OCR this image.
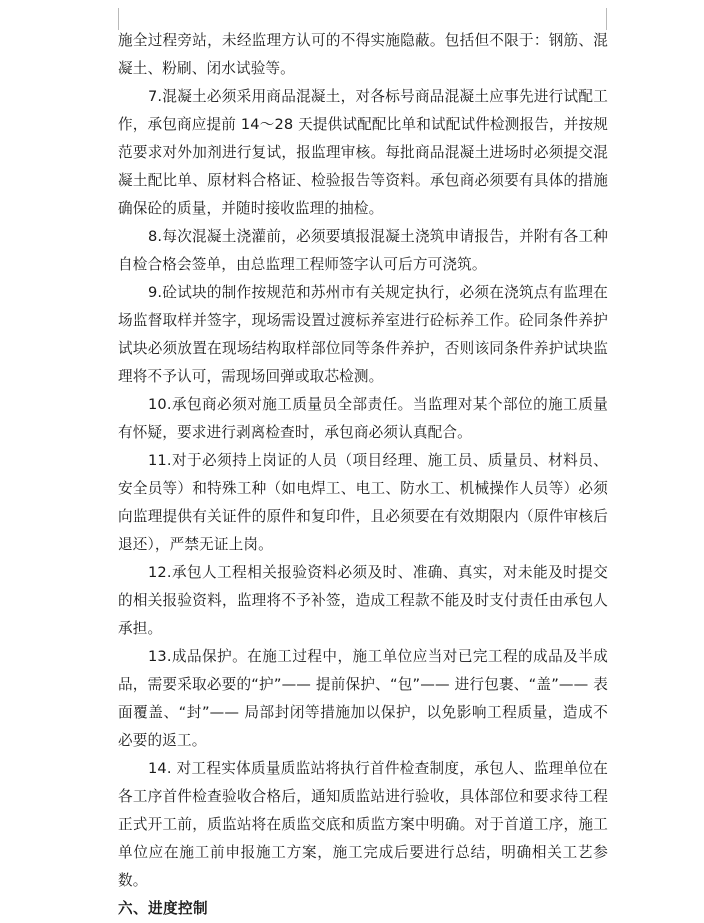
施全过程旁站，未经监理方认可的不得实施隐蔽。包括但不限于：钢筋、混凝土、粉刷、闭水试验等。

7.混凝土必须采用商品混凝土，对各标号商品混凝土应事先进行试配工作，承包商应提前 14～28 天提供试配配比单和试配试件检测报告，并按规范要求对外加剂进行复试，报监理审核。每批商品混凝土进场时必须提交混凝土配比单、原材料合格证、检验报告等资料。承包商必须要有具体的措施确保砼的质量，并随时接收监理的抽检。

8.每次混凝土浇灌前，必须要填报混凝土浇筑申请报告，并附有各工种自检合格会签单，由总监理工程师签字认可后方可浇筑。

9.砼试块的制作按规范和苏州市有关规定执行，必须在浇筑点有监理在场监督取样并签字，现场需设置过渡标养室进行砼标养工作。砼同条件养护试块必须放置在现场结构取样部位同等条件养护，否则该同条件养护试块监理将不予认可，需现场回弹或取芯检测。

10.承包商必须对施工质量员全部责任。当监理对某个部位的施工质量有怀疑，要求进行剥离检查时，承包商必须认真配合。

11.对于必须持上岗证的人员（项目经理、施工员、质量员、材料员、安全员等）和特殊工种（如电焊工、电工、防水工、机械操作人员等）必须向监理提供有关证件的原件和复印件，且必须要在有效期限内（原件审核后退还），严禁无证上岗。

12.承包人工程相关报验资料必须及时、准确、真实，对未能及时提交的相关报验资料，监理将不予补签，造成工程款不能及时支付责任由承包人承担。

13.成品保护。在施工过程中，施工单位应当对已完工程的成品及半成品，需要采取必要的“护”—— 提前保护、“包”—— 进行包裹、“盖”—— 表面覆盖、“封”—— 局部封闭等措施加以保护，以免影响工程质量，造成不必要的返工。

14. 对工程实体质量质监站将执行首件检查制度，承包人、监理单位在各工序首件检查验收合格后，通知质监站进行验收，具体部位和要求待工程正式开工前，质监站将在质监交底和质监方案中明确。对于首道工序，施工单位应在施工前申报施工方案，施工完成后要进行总结，明确相关工艺参数。

六、进度控制
